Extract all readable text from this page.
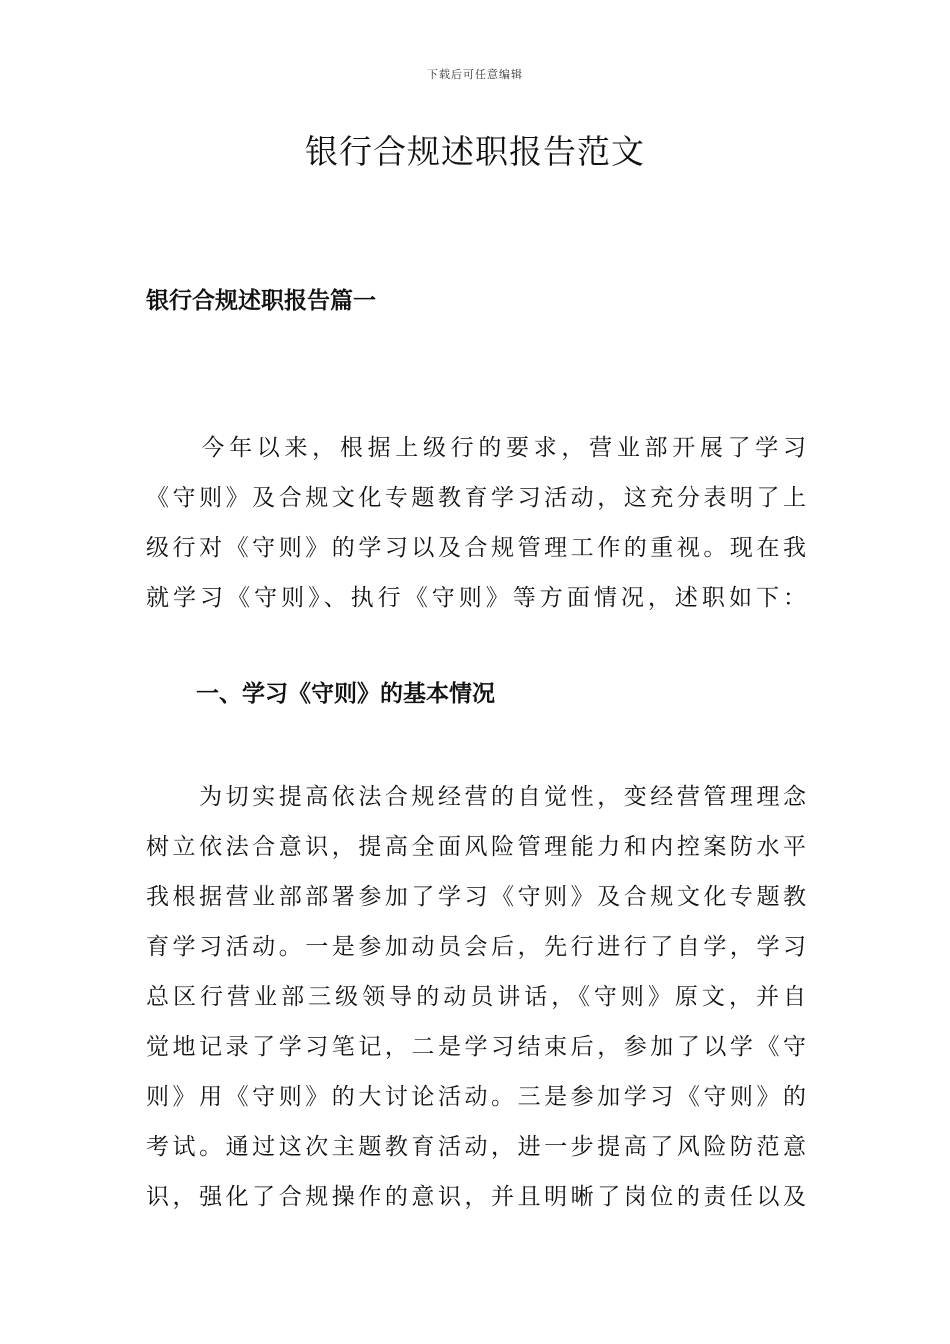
下载后可任意编辑
银行合规述职报告范文
银行合规述职报告篇一
　　今年以来，根据上级行的要求，营业部开展了学习
《守则》及合规文化专题教育学习活动，这充分表明了上
级行对《守则》的学习以及合规管理工作的重视。现在我
就学习《守则》、执行《守则》等方面情况，述职如下：
一、学习《守则》的基本情况
　　为切实提高依法合规经营的自觉性，变经营管理理念
树立依法合意识，提高全面风险管理能力和内控案防水平
我根据营业部部署参加了学习《守则》及合规文化专题教
育学习活动。一是参加动员会后，先行进行了自学，学习
总区行营业部三级领导的动员讲话，《守则》原文，并自
觉地记录了学习笔记，二是学习结束后，参加了以学《守
则》用《守则》的大讨论活动。三是参加学习《守则》的
考试。通过这次主题教育活动，进一步提高了风险防范意
识，强化了合规操作的意识，并且明晰了岗位的责任以及
